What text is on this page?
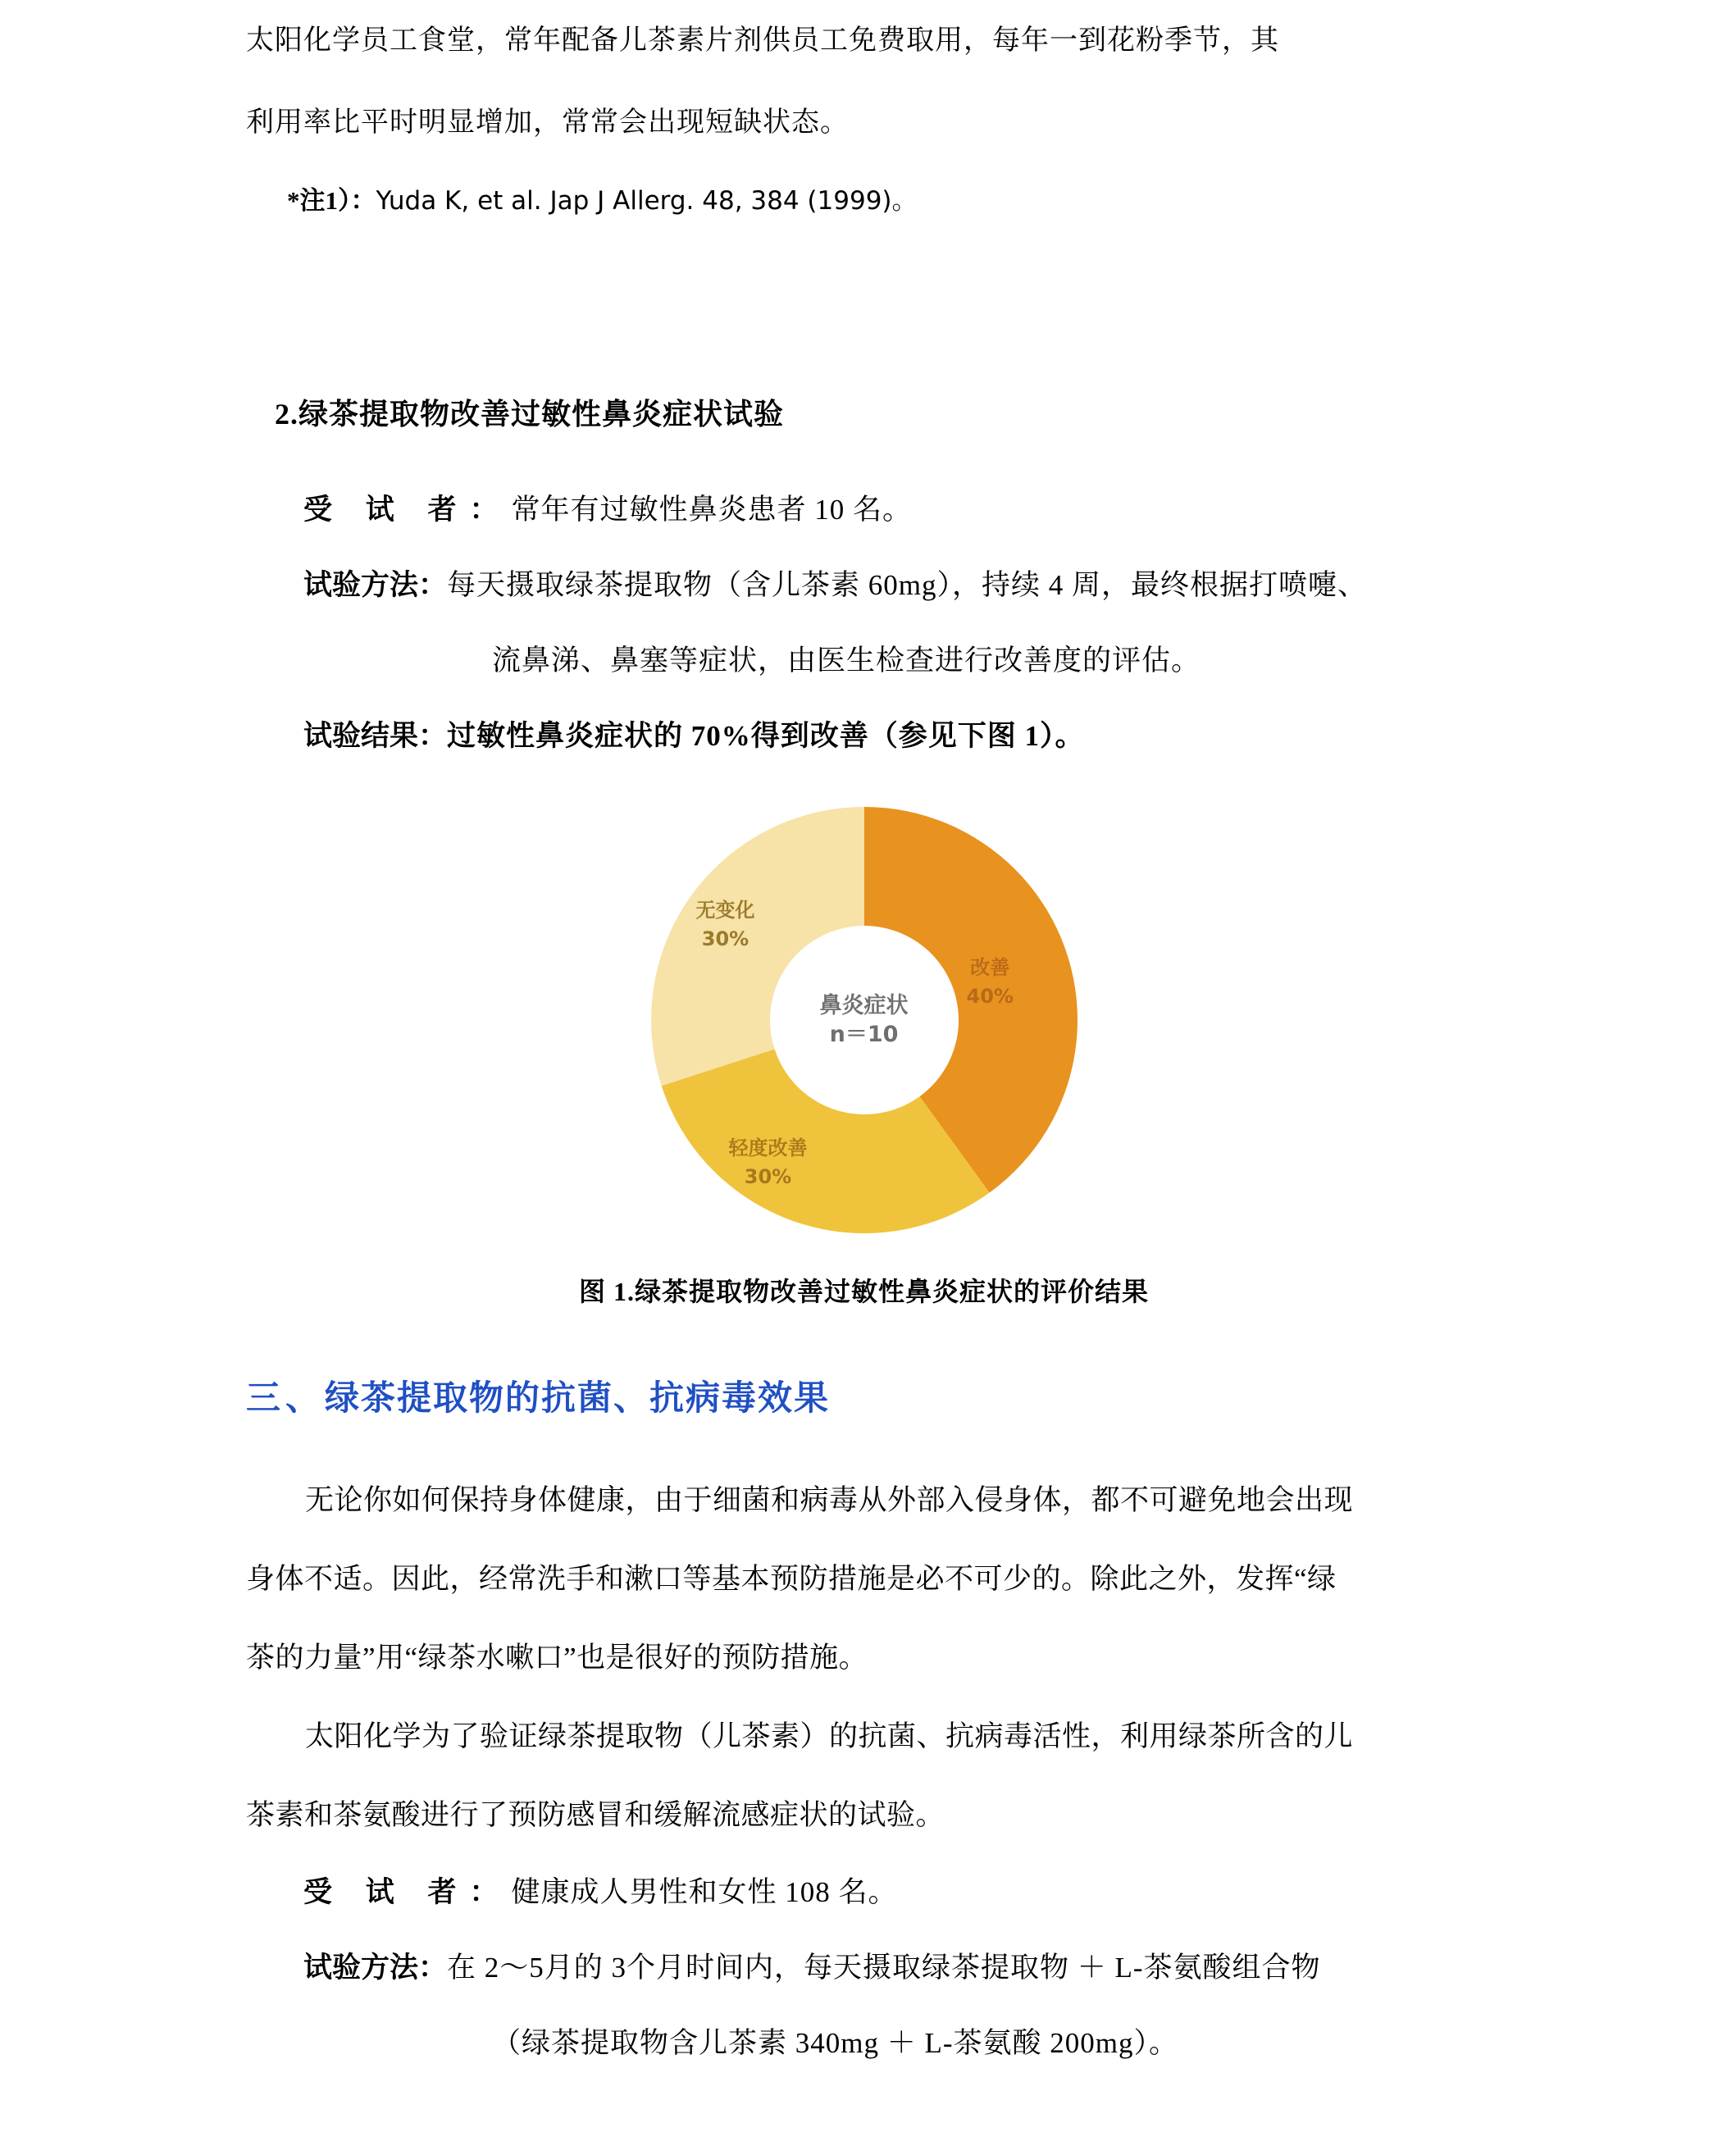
太阳化学员工食堂，常年配备儿茶素片剂供员工免费取用，每年一到花粉季节，其

利用率比平时明显增加，常常会出现短缺状态。

*注1）：Yuda K, et al. Jap J Allerg. 48, 384 (1999)。

2.绿茶提取物改善过敏性鼻炎症状试验

受 试 者： 常年有过敏性鼻炎患者 10 名。
试验方法： 每天摄取绿茶提取物（含儿茶素 60mg），持续 4 周，最终根据打喷嚏、

流鼻涕、鼻塞等症状，由医生检查进行改善度的评估。

试验结果： 过敏性鼻炎症状的 70%得到改善（参见下图 1）。
鼻炎症状
n＝10
改善
40%
轻度改善
30%
无变化
30%

图 1.绿茶提取物改善过敏性鼻炎症状的评价结果

三、绿茶提取物的抗菌、抗病毒效果

无论你如何保持身体健康，由于细菌和病毒从外部入侵身体，都不可避免地会出现

身体不适。因此，经常洗手和漱口等基本预防措施是必不可少的。除此之外，发挥“绿

茶的力量”用“绿茶水嗽口”也是很好的预防措施。

太阳化学为了验证绿茶提取物（儿茶素）的抗菌、抗病毒活性，利用绿茶所含的儿

茶素和茶氨酸进行了预防感冒和缓解流感症状的试验。

受 试 者： 健康成人男性和女性 108 名。
试验方法： 在 2～5月的 3个月时间内，每天摄取绿茶提取物 ＋ L-茶氨酸组合物

（绿茶提取物含儿茶素 340mg ＋ L-茶氨酸 200mg）。
